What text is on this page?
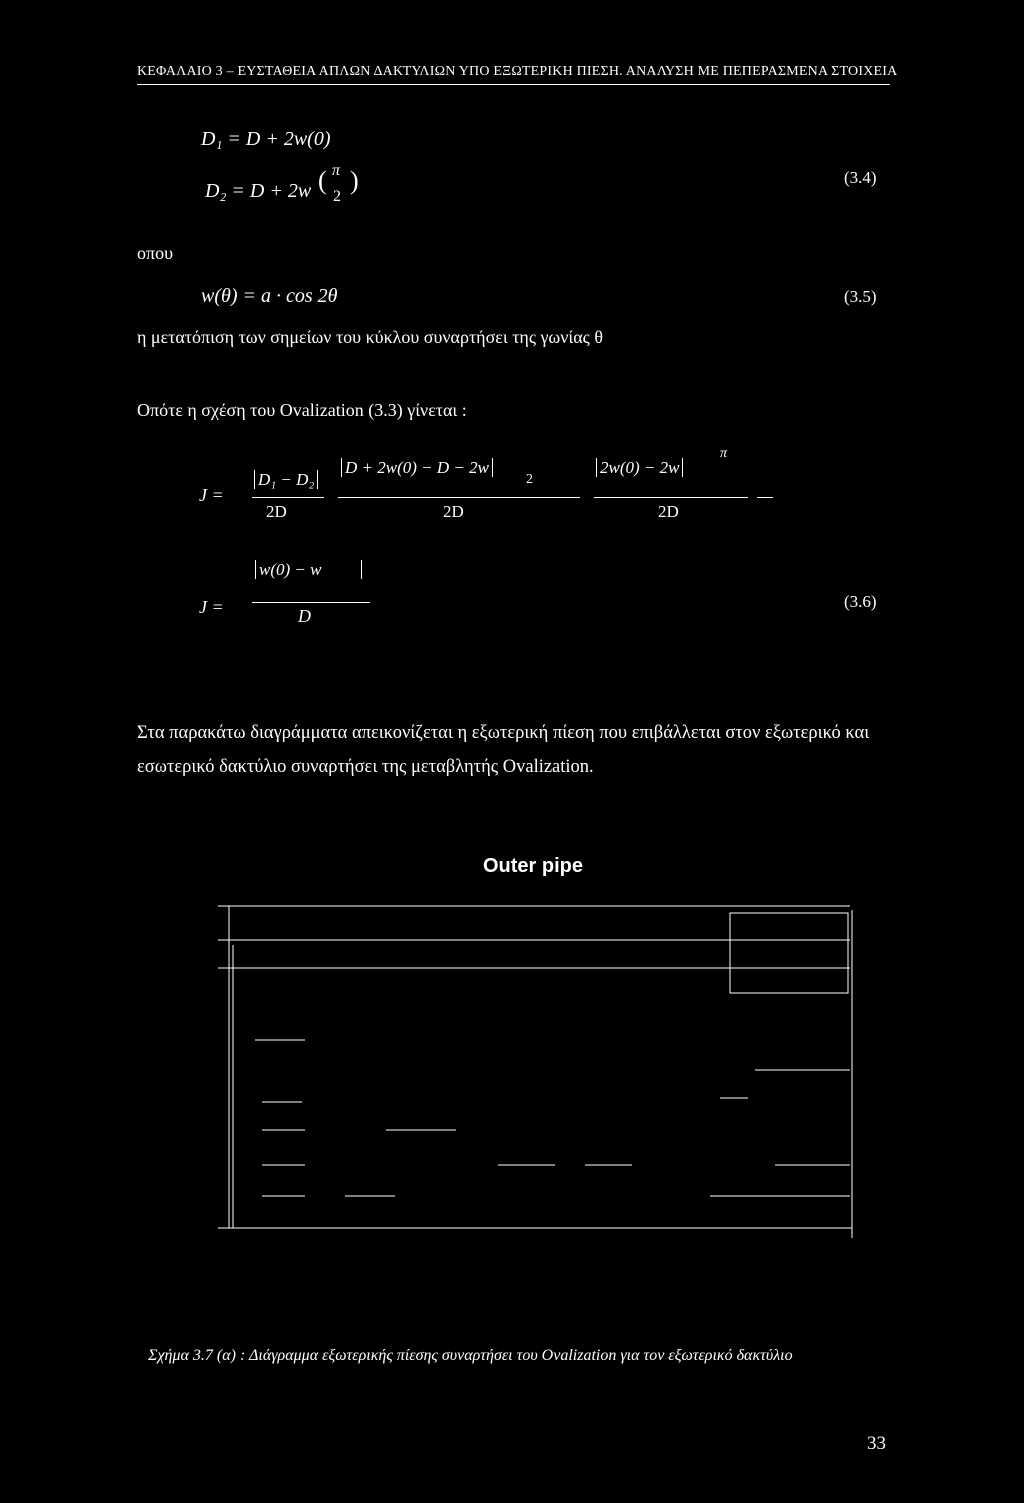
ΚΕΦΑΛΑΙΟ 3 – ΕΥΣΤΑΘΕΙΑ ΑΠΛΩΝ ΔΑΚΤΥΛΙΩΝ ΥΠΟ ΕΞΩΤΕΡΙΚΗ ΠΙΕΣΗ. ΑΝΑΛΥΣΗ ΜΕ ΠΕΠΕΡΑΣΜΕΝΑ ΣΤΟΙΧΕΙΑ
D₁ = D + 2w(0)
D₂ = D + 2w ( π
2
)	(3.4)
οπου
w(θ) = a · cos 2θ	(3.5)
η μετατόπιση των σημείων του κύκλου συναρτήσει της γωνίας θ
Οπότε η σχέση του Ovalization (3.3) γίνεται :
J =
D₁ − D₂
2D
D + 2w(0) − D − 2w
2
2D
2w(0) − 2w
π
2D
J =
w(0) − w
D
(3.6)
Στα παρακάτω διαγράμματα απεικονίζεται η εξωτερική πίεση που επιβάλλεται στον εξωτερικό και εσωτερικό δακτύλιο συναρτήσει της μεταβλητής Ovalization.
Outer pipe
Σχήμα 3.7 (α) : Διάγραμμα εξωτερικής πίεσης συναρτήσει του Ovalization για τον εξωτερικό δακτύλιο
33
